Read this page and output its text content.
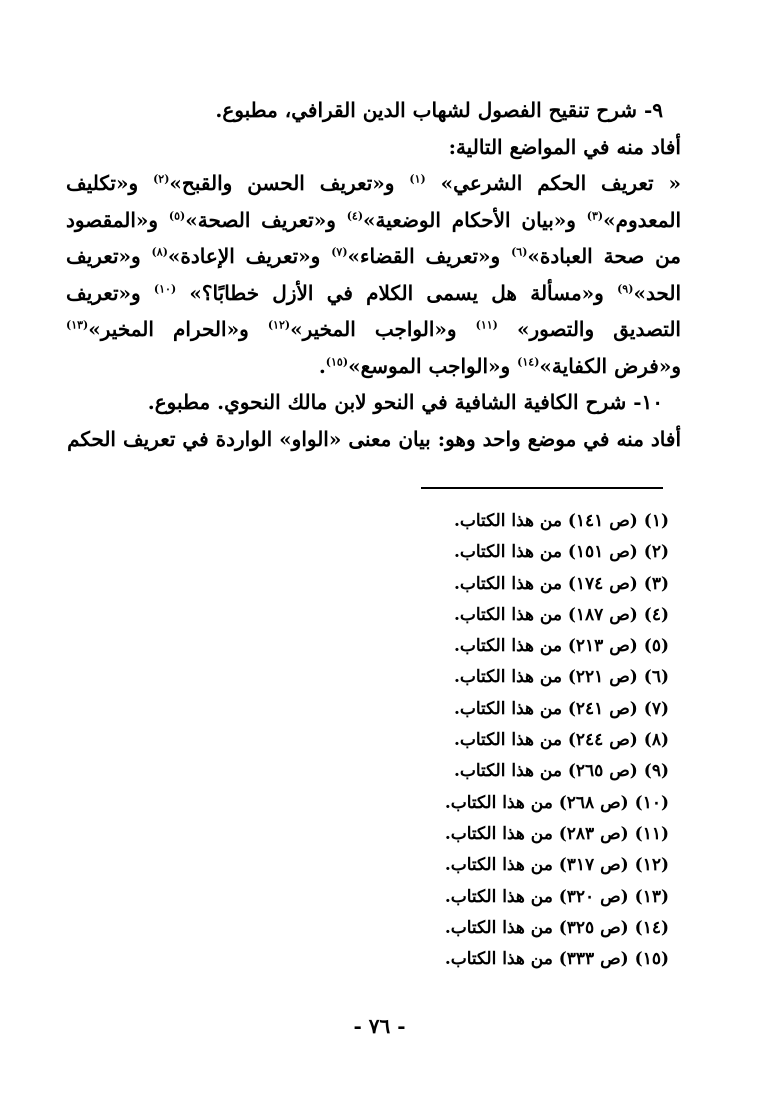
٩- شرح تنقيح الفصول لشهاب الدين القرافي، مطبوع.

أفاد منه في المواضع التالية:

« تعريف الحكم الشرعي» $^{(١)}$ و«تعريف الحسن والقبح»$^{(٢)}$ و«تكليف المعدوم»$^{(٣)}$ و«بيان الأحكام الوضعية»$^{(٤)}$ و«تعريف الصحة»$^{(٥)}$ و«المقصود من صحة العبادة»$^{(٦)}$ و«تعريف القضاء»$^{(٧)}$ و«تعريف الإعادة»$^{(٨)}$ و«تعريف الحد»$^{(٩)}$ و«مسألة هل يسمى الكلام في الأزل خطابًا؟» $^{(١٠)}$ و«تعريف التصديق والتصور» $^{(١١)}$ و«الواجب المخير»$^{(١٢)}$ و«الحرام المخير»$^{(١٣)}$ و«فرض الكفاية»$^{(١٤)}$ و«الواجب الموسع»$^{(١٥)}$.

١٠- شرح الكافية الشافية في النحو لابن مالك النحوي. مطبوع.

أفاد منه في موضع واحد وهو: بيان معنى «الواو» الواردة في تعريف الحكم

(١) (ص ١٤١) من هذا الكتاب.
(٢) (ص ١٥١) من هذا الكتاب.
(٣) (ص ١٧٤) من هذا الكتاب.
(٤) (ص ١٨٧) من هذا الكتاب.
(٥) (ص ٢١٣) من هذا الكتاب.
(٦) (ص ٢٢١) من هذا الكتاب.
(٧) (ص ٢٤١) من هذا الكتاب.
(٨) (ص ٢٤٤) من هذا الكتاب.
(٩) (ص ٢٦٥) من هذا الكتاب.
(١٠) (ص ٢٦٨) من هذا الكتاب.
(١١) (ص ٢٨٣) من هذا الكتاب.
(١٢) (ص ٣١٧) من هذا الكتاب.
(١٣) (ص ٣٢٠) من هذا الكتاب.
(١٤) (ص ٣٢٥) من هذا الكتاب.
(١٥) (ص ٣٣٣) من هذا الكتاب.
- ٧٦ -
